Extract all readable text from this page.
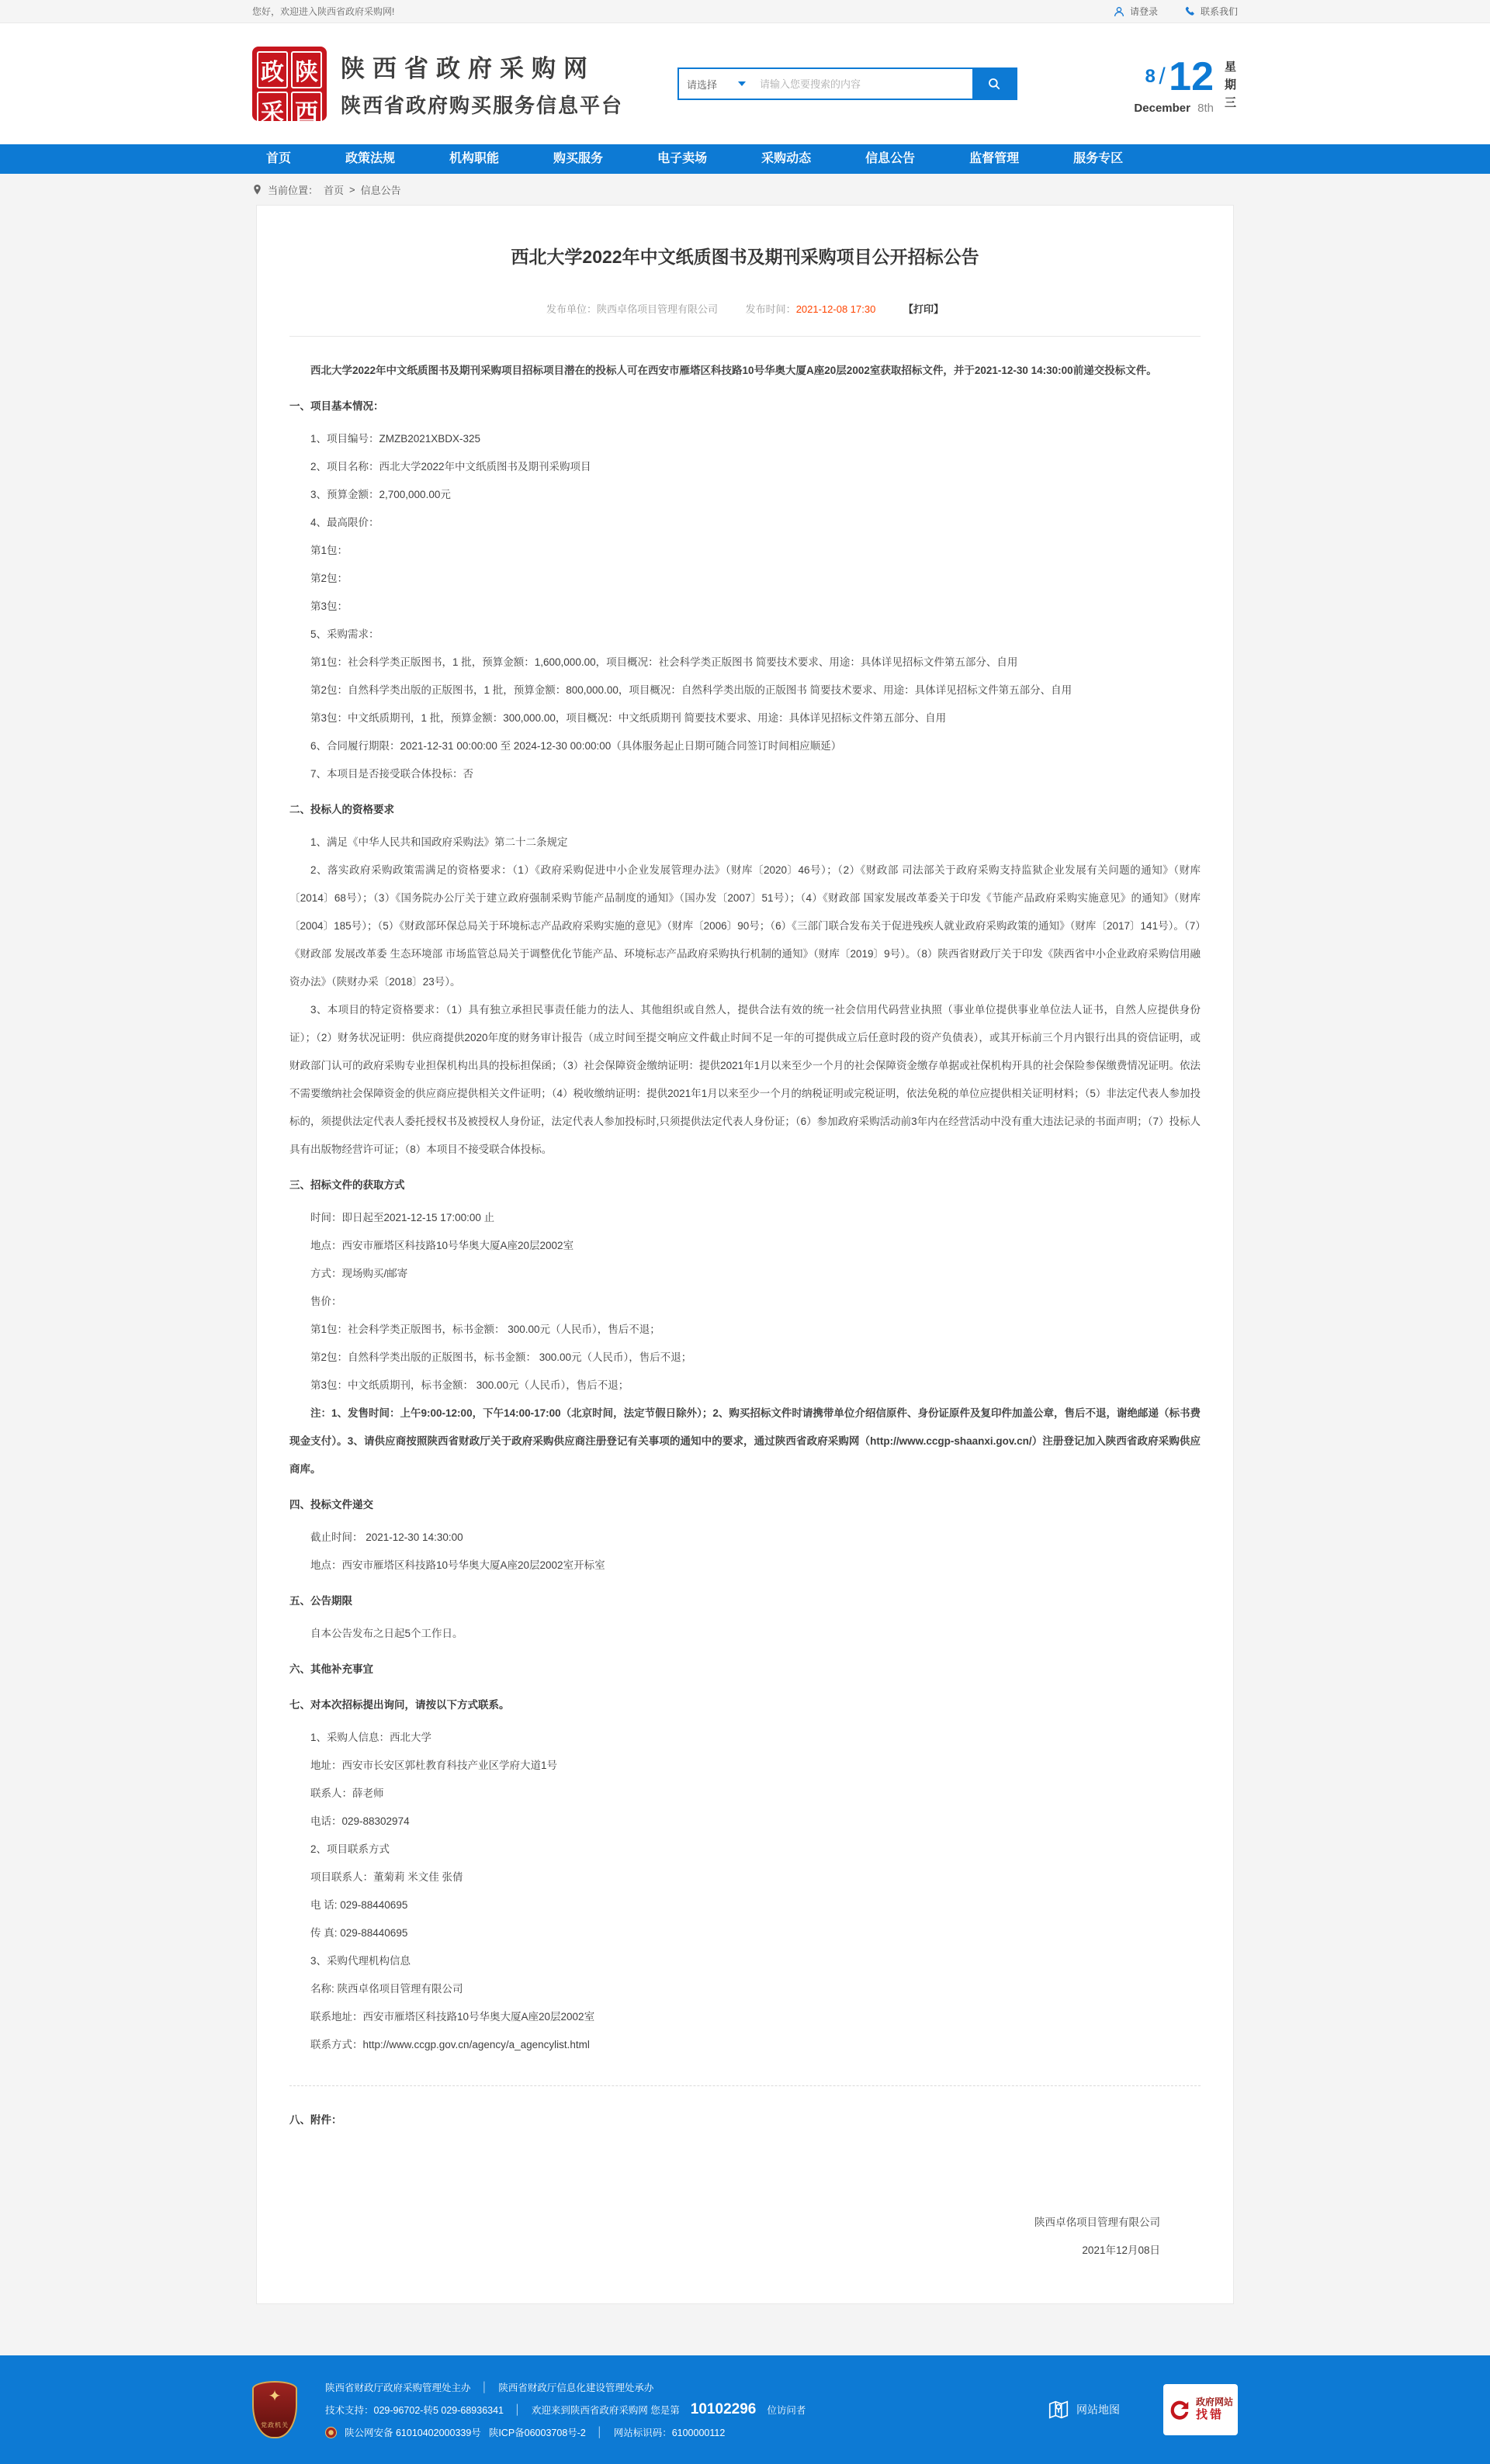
您好，欢迎进入陕西省政府采购网!	请登录	联系我们
政 陕
采 西
陕西省政府采购网
陕西省政府购买服务信息平台
请选择
请输入您要搜索的内容	8 / 12
December 8th
星期三
首页	政策法规	机构职能	购买服务	电子卖场	采购动态	信息公告	监督管理	服务专区
当前位置： 首页 > 信息公告
西北大学2022年中文纸质图书及期刊采购项目公开招标公告
发布单位：陕西卓佲项目管理有限公司	发布时间：2021-12-08 17:30	【打印】

西北大学2022年中文纸质图书及期刊采购项目招标项目潜在的投标人可在西安市雁塔区科技路10号华奥大厦A座20层2002室获取招标文件，并于2021-12-30 14:30:00前递交投标文件。

一、项目基本情况：

1、项目编号：ZMZB2021XBDX-325

2、项目名称：西北大学2022年中文纸质图书及期刊采购项目

3、预算金额：2,700,000.00元

4、最高限价：

第1包：

第2包：

第3包：

5、采购需求：

第1包：社会科学类正版图书，1 批，预算金额：1,600,000.00，项目概况：社会科学类正版图书 简要技术要求、用途：具体详见招标文件第五部分、自用

第2包：自然科学类出版的正版图书，1 批，预算金额：800,000.00，项目概况：自然科学类出版的正版图书 简要技术要求、用途：具体详见招标文件第五部分、自用

第3包：中文纸质期刊，1 批，预算金额：300,000.00，项目概况：中文纸质期刊 简要技术要求、用途：具体详见招标文件第五部分、自用

6、合同履行期限：2021-12-31 00:00:00 至 2024-12-30 00:00:00（具体服务起止日期可随合同签订时间相应顺延）

7、本项目是否接受联合体投标：否

二、投标人的资格要求

1、满足《中华人民共和国政府采购法》第二十二条规定

2、落实政府采购政策需满足的资格要求：（1）《政府采购促进中小企业发展管理办法》（财库〔2020〕46号）；（2）《财政部 司法部关于政府采购支持监狱企业发展有关问题的通知》（财库〔2014〕68号）；（3）《国务院办公厅关于建立政府强制采购节能产品制度的通知》（国办发〔2007〕51号）；（4）《财政部 国家发展改革委关于印发《节能产品政府采购实施意见》的通知》（财库〔2004〕185号）；（5）《财政部环保总局关于环境标志产品政府采购实施的意见》（财库〔2006〕90号；（6）《三部门联合发布关于促进残疾人就业政府采购政策的通知》（财库〔2017〕141号）。（7）《财政部 发展改革委 生态环境部 市场监管总局关于调整优化节能产品、环境标志产品政府采购执行机制的通知》（财库〔2019〕9号）。（8）陕西省财政厅关于印发《陕西省中小企业政府采购信用融资办法》（陕财办采〔2018〕23号）。

3、本项目的特定资格要求：（1）具有独立承担民事责任能力的法人、其他组织或自然人，提供合法有效的统一社会信用代码营业执照（事业单位提供事业单位法人证书，自然人应提供身份证）；（2）财务状况证明：供应商提供2020年度的财务审计报告（成立时间至提交响应文件截止时间不足一年的可提供成立后任意时段的资产负债表），或其开标前三个月内银行出具的资信证明，或财政部门认可的政府采购专业担保机构出具的投标担保函；（3）社会保障资金缴纳证明：提供2021年1月以来至少一个月的社会保障资金缴存单据或社保机构开具的社会保险参保缴费情况证明。依法不需要缴纳社会保障资金的供应商应提供相关文件证明；（4）税收缴纳证明：提供2021年1月以来至少一个月的纳税证明或完税证明，依法免税的单位应提供相关证明材料；（5）非法定代表人参加投标的，须提供法定代表人委托授权书及被授权人身份证，法定代表人参加投标时,只须提供法定代表人身份证；（6）参加政府采购活动前3年内在经营活动中没有重大违法记录的书面声明；（7）投标人具有出版物经营许可证；（8）本项目不接受联合体投标。

三、招标文件的获取方式

时间：即日起至2021-12-15 17:00:00 止

地点：西安市雁塔区科技路10号华奥大厦A座20层2002室

方式：现场购买/邮寄

售价：

第1包：社会科学类正版图书，标书金额： 300.00元（人民币），售后不退；

第2包：自然科学类出版的正版图书，标书金额： 300.00元（人民币），售后不退；

第3包：中文纸质期刊，标书金额： 300.00元（人民币），售后不退；

注：1、发售时间：上午9:00-12:00，下午14:00-17:00（北京时间，法定节假日除外）；2、购买招标文件时请携带单位介绍信原件、身份证原件及复印件加盖公章，售后不退，谢绝邮递（标书费现金支付）。3、请供应商按照陕西省财政厅关于政府采购供应商注册登记有关事项的通知中的要求，通过陕西省政府采购网（http://www.ccgp-shaanxi.gov.cn/）注册登记加入陕西省政府采购供应商库。

四、投标文件递交

截止时间： 2021-12-30 14:30:00

地点：西安市雁塔区科技路10号华奥大厦A座20层2002室开标室

五、公告期限

自本公告发布之日起5个工作日。

六、其他补充事宜

七、对本次招标提出询问，请按以下方式联系。

1、采购人信息：西北大学

地址：西安市长安区郭杜教育科技产业区学府大道1号

联系人：薛老师

电话：029-88302974

2、项目联系方式

项目联系人：董菊莉 米文佳 张倩

电 话: 029-88440695

传 真: 029-88440695

3、采购代理机构信息

名称: 陕西卓佲项目管理有限公司

联系地址：西安市雁塔区科技路10号华奥大厦A座20层2002室

联系方式：http://www.ccgp.gov.cn/agency/a_agencylist.html

八、附件：

陕西卓佲项目管理有限公司

2021年12月08日

✦
党政机关
陕西省财政厅政府采购管理处主办	│	陕西省财政厅信息化建设管理处承办
技术支持：029-96702-转5 029-68936341	│	欢迎来到陕西省政府采购网 您是第 10102296 位访问者
陕公网安备 61010402000339号 陕ICP备06003708号-2	│	网站标识码：6100000112
网站地图
政府网站
找错
